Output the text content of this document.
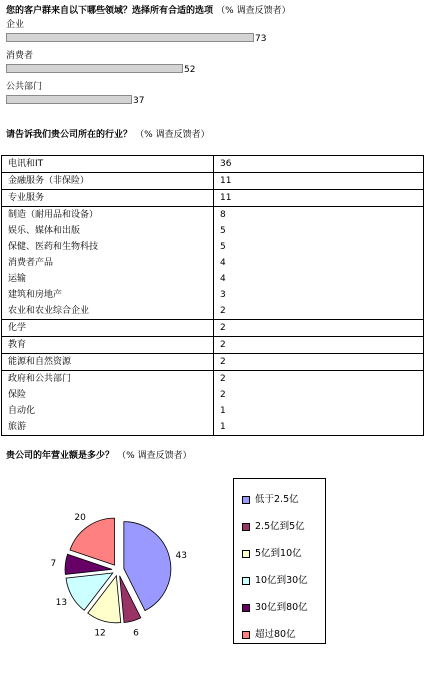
您的客户群来自以下哪些领域？选择所有合适的选项 （% 调查反馈者）
企业
73
消费者
52
公共部门
37
请告诉我们贵公司所在的行业？ （% 调查反馈者）
电讯和IT	36
金融服务（非保险）	11
专业服务	11
制造（耐用品和设备）	8
娱乐、媒体和出版	5
保健、医药和生物科技	5
消费者产品	4
运输	4
建筑和房地产	3
农业和农业综合企业	2
化学	2
教育	2
能源和自然资源	2
政府和公共部门	2
保险	2
自动化	1
旅游	1
贵公司的年营业额是多少？ （% 调查反馈者）
43
6
12
13
7
20
低于2.5亿
2.5亿到5亿
5亿到10亿
10亿到30亿
30亿到80亿
超过80亿
